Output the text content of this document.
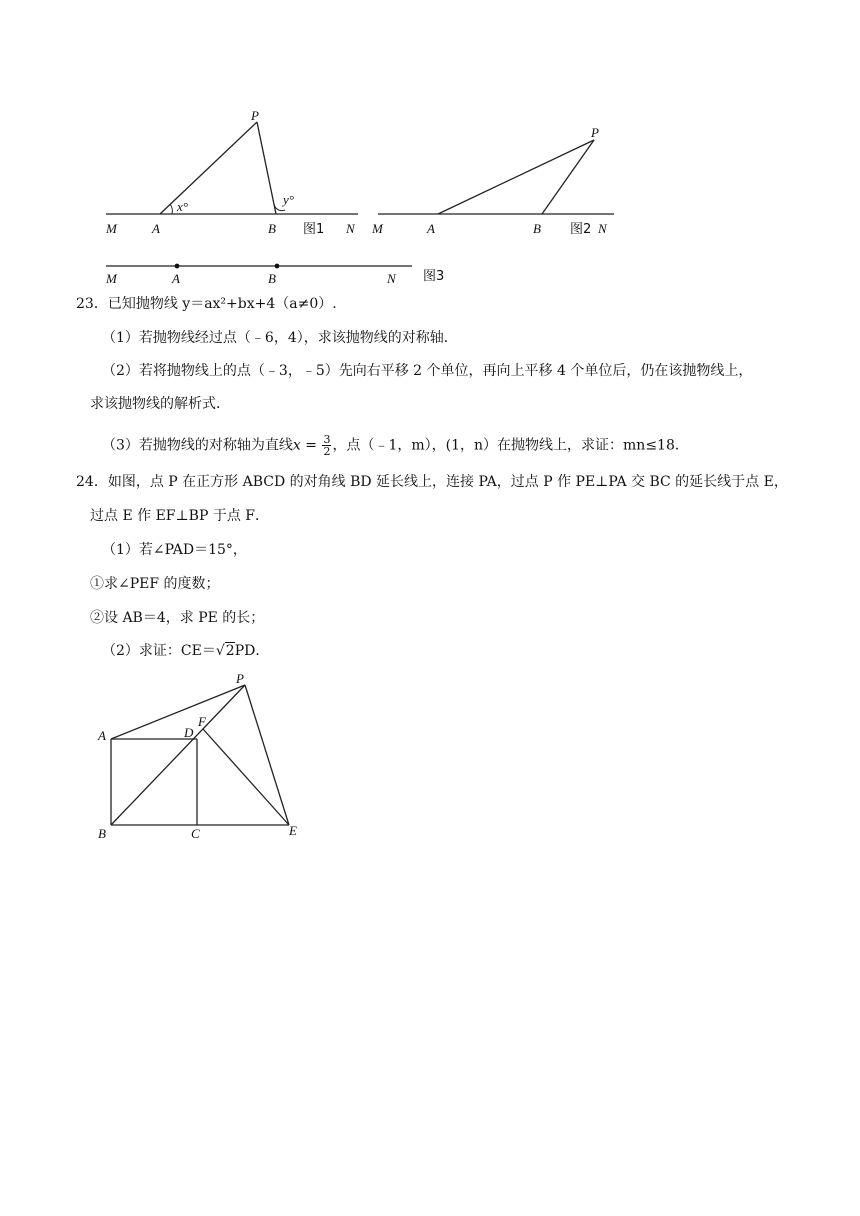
P
x°	y°
M	A	B 图1 N
P
M	A	B 图2 N
M	A	B	N 图3
23．已知抛物线 y＝ax²+bx+4（a≠0）.
（1）若抛物线经过点（﹣6，4），求该抛物线的对称轴．
（2）若将抛物线上的点（﹣3，﹣5）先向右平移 2 个单位，再向上平移 4 个单位后，仍在该抛物线上，
求该抛物线的解析式．
（3）若抛物线的对称轴为直线$x = \frac{3}{2}$ ，点（﹣1，m），(1，n）在抛物线上，求证：mn≤18．
24．如图，点 P 在正方形 ABCD 的对角线 BD 延长线上，连接 PA，过点 P 作 PE⊥PA 交 BC 的延长线于点 E，
过点 E 作 EF⊥BP 于点 F．
（1）若∠PAD＝15°，
①求∠PEF 的度数；
②设 AB＝4，求 PE 的长；
（2）求证：CE＝√2PD．
P
A	D
F
B	C	E
